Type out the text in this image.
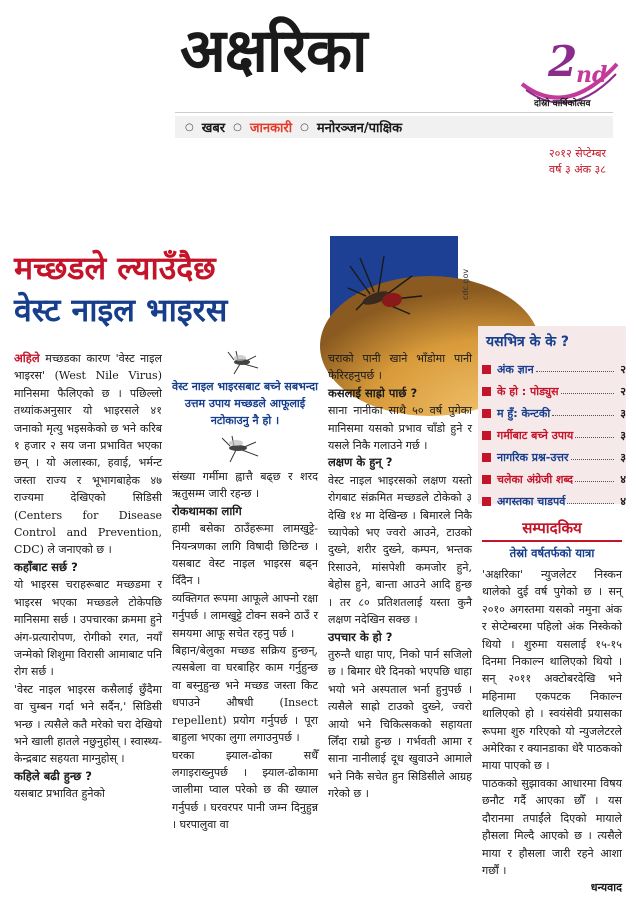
अक्षरिका	2
nd
दोस्रो वार्षिकोत्सव
○ खबर ○ जानकारी ○ मनोरञ्जन/पाक्षिक
२०१२ सेप्टेम्बर
वर्ष ३ अंक ३८
मच्छडले ल्याउँदैछ
वेस्ट नाइल भाइरस
cdc.gov

अहिले मच्छडका कारण 'वेस्ट नाइल भाइरस' (West Nile Virus) मानिसमा फैलिएको छ । पछिल्लो तथ्यांकअनुसार यो भाइरसले ४१ जनाको मृत्यु भइसकेको छ भने करिब १ हजार २ सय जना प्रभावित भएका छन् । यो अलास्का, हवाई, भर्मन्ट जस्ता राज्य र भूभागबाहेक ४७ राज्यमा देखिएको सिडिसी (Centers for Disease Control and Prevention, CDC) ले जनाएको छ ।

कहाँबाट सर्छ ?

यो भाइरस चराहरूबाट मच्छडमा र भाइरस भएका मच्छडले टोकेपछि मानिसमा सर्छ । उपचारका क्रममा हुने अंग-प्रत्यारोपण, रोगीको रगत, नयाँ जन्मेको शिशुमा विरासी आमाबाट पनि रोग सर्छ ।

'वेस्ट नाइल भाइरस कसैलाई छुँदैमा वा चुम्बन गर्दा भने सर्दैन,' सिडिसी भन्छ । त्यसैले कतै मरेको चरा देखियो भने खाली हातले नछुनुहोस् । स्वास्थ्य-केन्द्रबाट सहयता माग्नुहोस् ।

कहिले बढी हुन्छ ?

यसबाट प्रभावित हुनेको

वेस्ट नाइल भाइरसबाट बच्ने सबभन्दा उत्तम उपाय मच्छडले आफूलाई नटोकाउनु नै हो ।

संख्या गर्मीमा ह्वात्तै बढ्छ र शरद ऋतुसम्म जारी रहन्छ ।

रोकथामका लागि

हामी बसेका ठाउँहरूमा लामखुट्टे-नियन्त्रणका लागि विषादी छिटिन्छ । यसबाट वेस्ट नाइल भाइरस बढ्न दिँदैन ।

व्यक्तिगत रूपमा आफूले आफ्नो रक्षा गर्नुपर्छ । लामखुट्टे टोक्न सक्ने ठाउँ र समयमा आफू सचेत रहनु पर्छ ।

बिहान/बेलुका मच्छड सक्रिय हुन्छन्, त्यसबेला वा घरबाहिर काम गर्नुहुन्छ वा बस्नुहुन्छ भने मच्छड जस्ता किट धपाउने औषधी (Insect repellent) प्रयोग गर्नुपर्छ । पूरा बाहुला भएका लुगा लगाउनुपर्छ ।

घरका झ्याल-ढोका सधैँ लगाइराख्नुपर्छ । झ्याल-ढोकामा जालीमा प्वाल परेको छ की ख्याल गर्नुपर्छ । घरवरपर पानी जम्न दिनुहुन्न । घरपालुवा वा

चराको पानी खाने भाँडोमा पानी फेरिरहनुपर्छ ।

कसलाई साह्रो पार्छ ?

साना नानीका साथै ५० वर्ष पुगेका मानिसमा यसको प्रभाव चाँडो हुने र यसले निकै गलाउने गर्छ ।

लक्षण के हुन् ?

वेस्ट नाइल भाइरसको लक्षण यस्तो रोगबाट संक्रमित मच्छडले टोकेको ३ देखि १४ मा देखिन्छ । बिमारले निकै च्यापेको भए ज्वरो आउने, टाउको दुख्ने, शरीर दुख्ने, कम्पन, भन्तक रिसाउने, मांसपेशी कमजोर हुने, बेहोस हुने, बान्ता आउने आदि हुन्छ । तर ८० प्रतिशतलाई यस्ता कुनै लक्षण नदेखिन सक्छ ।

उपचार के हो ?

तुरुन्तै धाहा पाए, निको पार्न सजिलो छ । बिमार धेरै दिनको भएपछि धाहा भयो भने अस्पताल भर्ना हुनुपर्छ । त्यसैले साह्रो टाउको दुख्ने, ज्वरो आयो भने चिकित्सकको सहायता लिँदा राम्रो हुन्छ । गर्भवती आमा र साना नानीलाई दूध खुवाउने आमाले भने निकै सचेत हुन सिडिसीले आग्रह गरेको छ ।

यसभित्र के के ?
अंक ज्ञान	२
के हो : पोड्युस	२
म हुँ: केन्टकी	३
गर्मीबाट बच्ने उपाय	३
नागरिक प्रश्न-उत्तर	३
चलेका अंग्रेजी शब्द	४
अगस्तका चाडपर्व	४
सम्पादकिय
तेस्रो वर्षतर्फको यात्रा

'अक्षरिका' न्युजलेटर निस्कन थालेको दुई वर्ष पुगेको छ । सन् २०१० अगस्तमा यसको नमुना अंक र सेप्टेम्बरमा पहिलो अंक निस्केको थियो । शुरुमा यसलाई १५-१५ दिनमा निकाल्न थालिएको थियो । सन् २०११ अक्टोबरदेखि भने महिनामा एकपटक निकाल्न थालिएको हो । स्वयंसेवी प्रयासका रूपमा शुरु गरिएको यो न्युजलेटरले अमेरिका र क्यानडाका धेरै पाठकको माया पाएको छ ।

पाठकको सुझावका आधारमा विषय छनौट गर्दै आएका छौँ । यस दौरानमा तपाईंले दिएको मायाले हौसला मिल्दै आएको छ । त्यसैले माया र हौसला जारी रहने आशा गर्छौं ।

धन्यवाद
